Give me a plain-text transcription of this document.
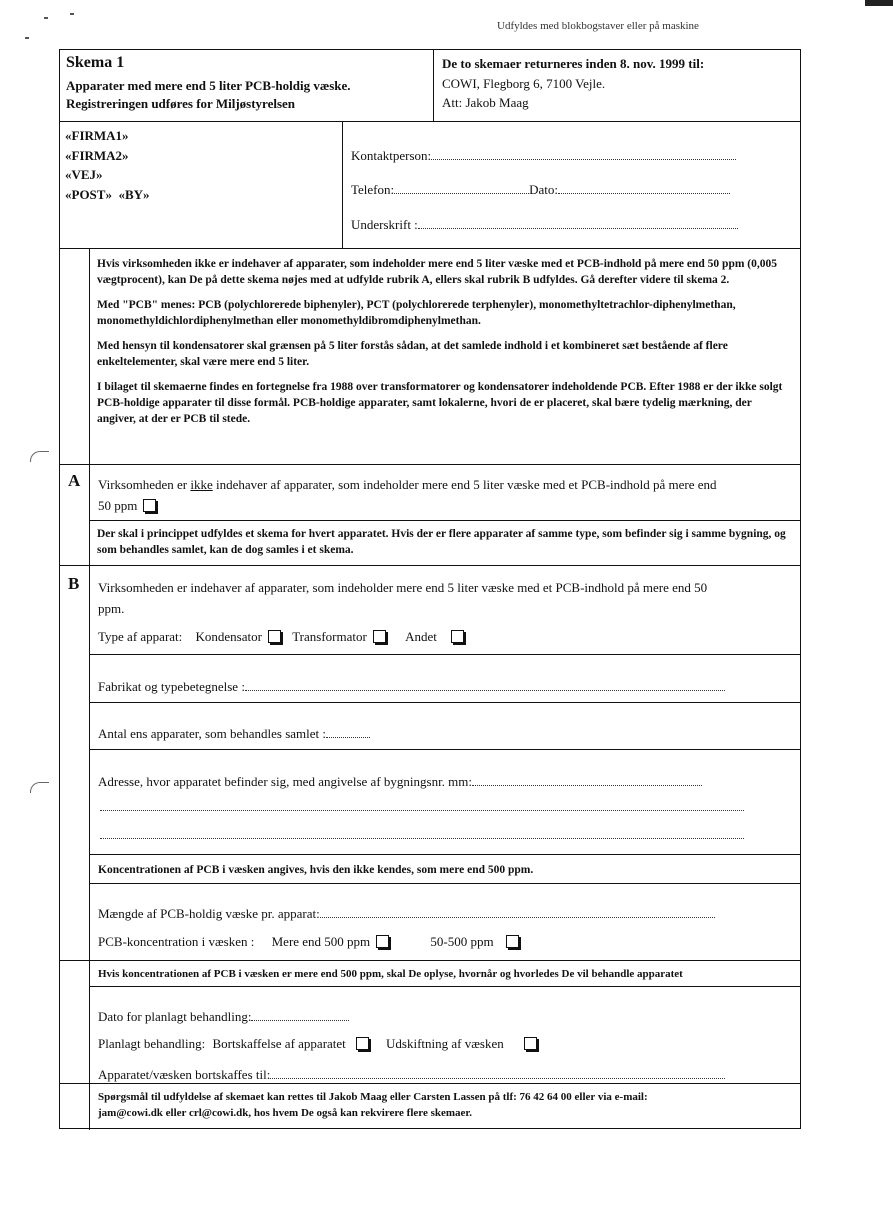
Udfyldes med blokbogstaver eller på maskine
Skema 1
Apparater med mere end 5 liter PCB-holdig væske.
Registreringen udføres for Miljøstyrelsen
De to skemaer returneres inden 8. nov. 1999 til:
COWI, Flegborg 6, 7100 Vejle.
Att: Jakob Maag
«FIRMA1»
«FIRMA2»
«VEJ»
«POST» «BY»
Kontaktperson:
Telefon:	Dato:
Underskrift :

Hvis virksomheden ikke er indehaver af apparater, som indeholder mere end 5 liter væske med et PCB-indhold på mere end 50 ppm (0,005 vægtprocent), kan De på dette skema nøjes med at udfylde rubrik A, ellers skal rubrik B udfyldes. Gå derefter videre til skema 2.

Med "PCB" menes: PCB (polychlorerede biphenyler), PCT (polychlorerede terphenyler), monomethyltetrachlor-diphenylmethan, monomethyldichlordiphenylmethan eller monomethyldibromdiphenylmethan.

Med hensyn til kondensatorer skal grænsen på 5 liter forstås sådan, at det samlede indhold i et kombineret sæt bestående af flere enkeltelementer, skal være mere end 5 liter.

I bilaget til skemaerne findes en fortegnelse fra 1988 over transformatorer og kondensatorer indeholdende PCB. Efter 1988 er der ikke solgt PCB-holdige apparater til disse formål. PCB-holdige apparater, samt lokalerne, hvori de er placeret, skal bære tydelig mærkning, der angiver, at der er PCB til stede.

A Virksomheden er ikke indehaver af apparater, som indeholder mere end 5 liter væske med et PCB-indhold på mere end
50 ppm

Der skal i princippet udfyldes et skema for hvert apparatet. Hvis der er flere apparater af samme type, som befinder sig i samme bygning, og som behandles samlet, kan de dog samles i et skema.

B Virksomheden er indehaver af apparater, som indeholder mere end 5 liter væske med et PCB-indhold på mere end 50
ppm.
Type af apparat: Kondensator Transformator	Andet
Fabrikat og typebetegnelse :
Antal ens apparater, som behandles samlet :
Adresse, hvor apparatet befinder sig, med angivelse af bygningsnr. mm:

Koncentrationen af PCB i væsken angives, hvis den ikke kendes, som mere end 500 ppm.

Mængde af PCB-holdig væske pr. apparat:
PCB-koncentration i væsken : Mere end 500 ppm	50-500 ppm

Hvis koncentrationen af PCB i væsken er mere end 500 ppm, skal De oplyse, hvornår og hvorledes De vil behandle apparatet

Dato for planlagt behandling:
Planlagt behandling: Bortskaffelse af apparatet	Udskiftning af væsken
Apparatet/væsken bortskaffes til:

Spørgsmål til udfyldelse af skemaet kan rettes til Jakob Maag eller Carsten Lassen på tlf: 76 42 64 00 eller via e-mail:

jam@cowi.dk eller crl@cowi.dk, hos hvem De også kan rekvirere flere skemaer.
